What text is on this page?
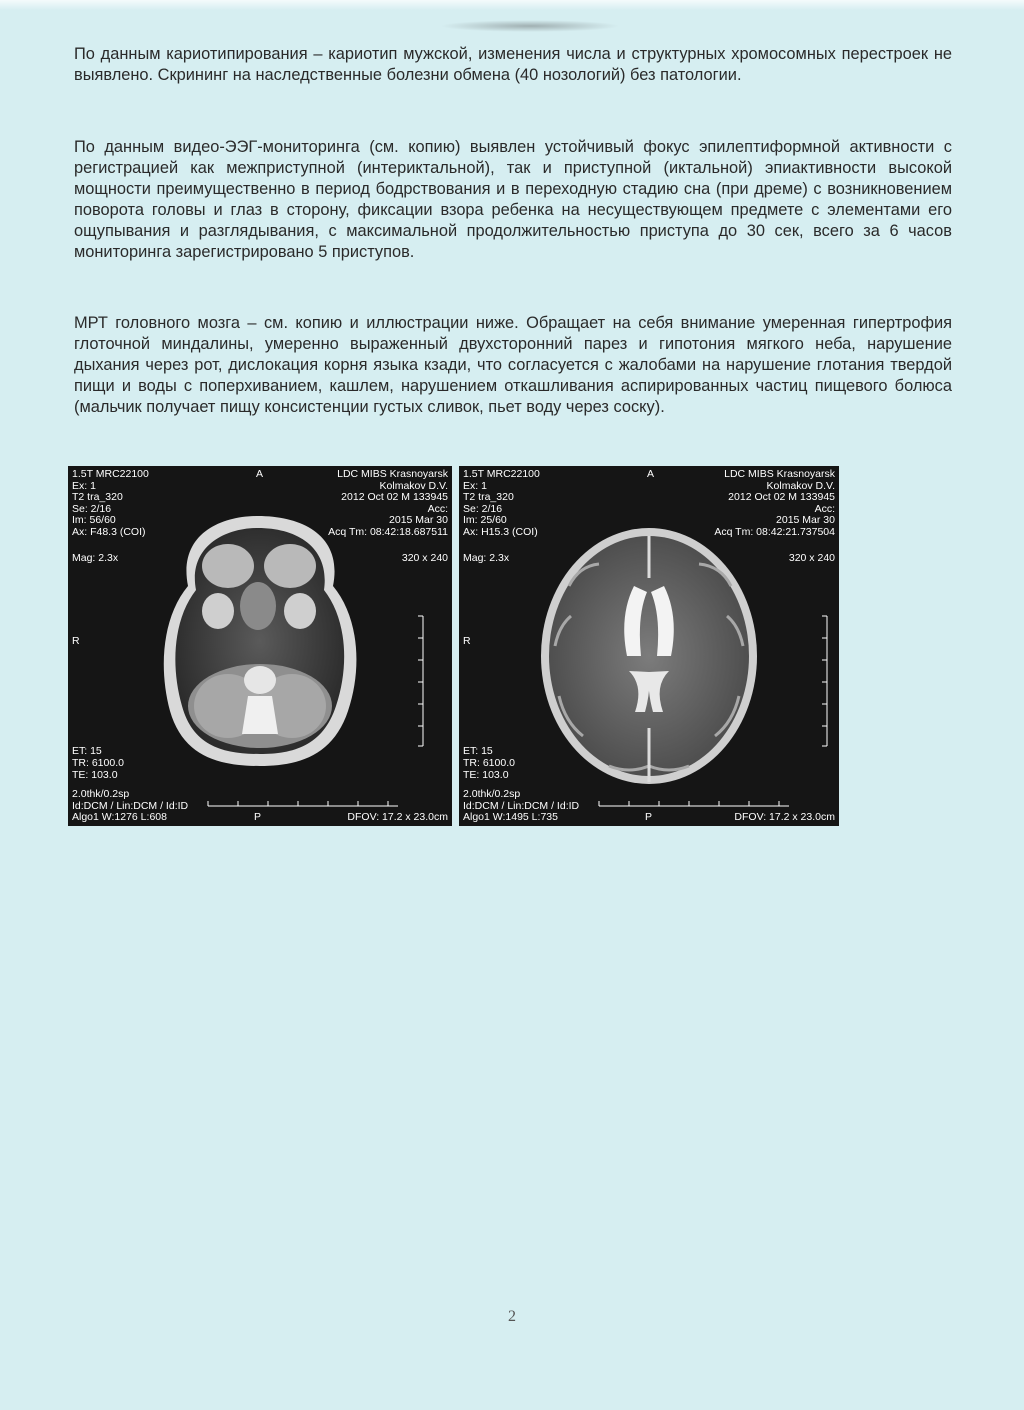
По данным кариотипирования – кариотип мужской, изменения числа и структурных хромосомных перестроек не выявлено. Скрининг на наследственные болезни обмена (40 нозологий) без патологии.

По данным видео-ЭЭГ-мониторинга (см. копию) выявлен устойчивый фокус эпилептиформной активности с регистрацией как межприступной (интериктальной), так и приступной (иктальной) эпиактивности высокой мощности преимущественно в период бодрствования и в переходную стадию сна (при дреме) с возникновением поворота головы и глаз в сторону, фиксации взора ребенка на несуществующем предмете с элементами его ощупывания и разглядывания, с максимальной продолжительностью приступа до 30 сек, всего за 6 часов мониторинга зарегистрировано 5 приступов.

МРТ головного мозга – см. копию и иллюстрации ниже. Обращает на себя внимание умеренная гипертрофия глоточной миндалины, умеренно выраженный двухсторонний парез и гипотония мягкого неба, нарушение дыхания через рот, дислокация корня языка кзади, что согласуется с жалобами на нарушение глотания твердой пищи и воды с поперхиванием, кашлем, нарушением откашливания аспирированных частиц пищевого болюса (мальчик получает пищу консистенции густых сливок, пьет воду через соску).

1.5T MRC22100
Ex: 1
T2 tra_320
Se: 2/16
Im: 56/60
Ax: F48.3 (COI)
Mag: 2.3x
R
A	LDC MIBS Krasnoyarsk
Kolmakov D.V.
2012 Oct 02 M 133945
Acc:
2015 Mar 30
Acq Tm: 08:42:18.687511
320 x 240
ET: 15
TR: 6100.0
TE: 103.0
2.0thk/0.2sp
Id:DCM / Lin:DCM / Id:ID
Algo1 W:1276 L:608	P	DFOV: 17.2 x 23.0cm
1.5T MRC22100
Ex: 1
T2 tra_320
Se: 2/16
Im: 25/60
Ax: H15.3 (COI)
Mag: 2.3x
R
A	LDC MIBS Krasnoyarsk
Kolmakov D.V.
2012 Oct 02 M 133945
Acc:
2015 Mar 30
Acq Tm: 08:42:21.737504
320 x 240
ET: 15
TR: 6100.0
TE: 103.0
2.0thk/0.2sp
Id:DCM / Lin:DCM / Id:ID
Algo1 W:1495 L:735	P	DFOV: 17.2 x 23.0cm
2
